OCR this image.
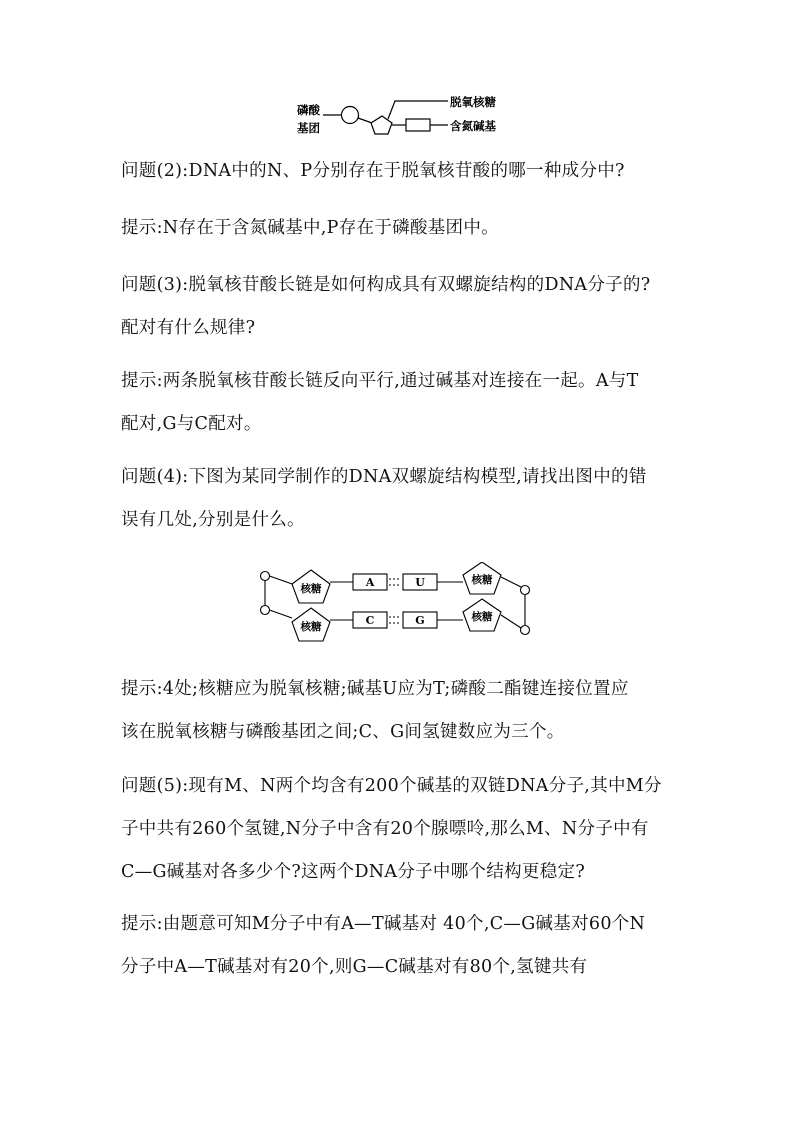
磷酸
基团
脱氧核糖
含氮碱基
问题(2):DNA中的N、P分别存在于脱氧核苷酸的哪一种成分中?
提示:N存在于含氮碱基中,P存在于磷酸基团中。
问题(3):脱氧核苷酸长链是如何构成具有双螺旋结构的DNA分子的?
配对有什么规律?
提示:两条脱氧核苷酸长链反向平行,通过碱基对连接在一起。A与T
配对,G与C配对。
问题(4):下图为某同学制作的DNA双螺旋结构模型,请找出图中的错
误有几处,分别是什么。
核糖
核糖
A	U
C	G
核糖
核糖
提示:4处;核糖应为脱氧核糖;碱基U应为T;磷酸二酯键连接位置应
该在脱氧核糖与磷酸基团之间;C、G间氢键数应为三个。
问题(5):现有M、N两个均含有200个碱基的双链DNA分子,其中M分
子中共有260个氢键,N分子中含有20个腺嘌呤,那么M、N分子中有
C—G碱基对各多少个?这两个DNA分子中哪个结构更稳定?
提示:由题意可知M分子中有A—T碱基对 40个,C—G碱基对60个N
分子中A—T碱基对有20个,则G—C碱基对有80个,氢键共有
